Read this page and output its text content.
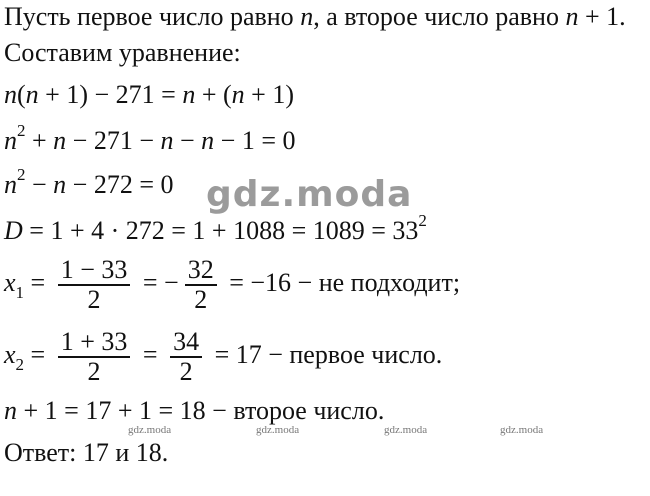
Пусть первое число равно n, а второе число равно n + 1.
Составим уравнение:
n(n + 1) − 271 = n + (n + 1)
$n^2 + n - 271 - n - n - 1 = 0$
$n^2 - n - 272 = 0$
$D = 1 + 4 \cdot 272 = 1 + 1088 = 1089 = 33^2$
$x_1 = \frac{1 - 33}{2}$ = − $\frac{32}{2} = -16$ − не подходит;
$x_2 = \frac{1 + 33}{2} = \frac{34}{2} = 17$ − первое число.
n + 1 = 17 + 1 = 18 − второе число.
Ответ: 17 и 18.
gdz.moda
gdz.moda	gdz.moda	gdz.moda	gdz.moda
